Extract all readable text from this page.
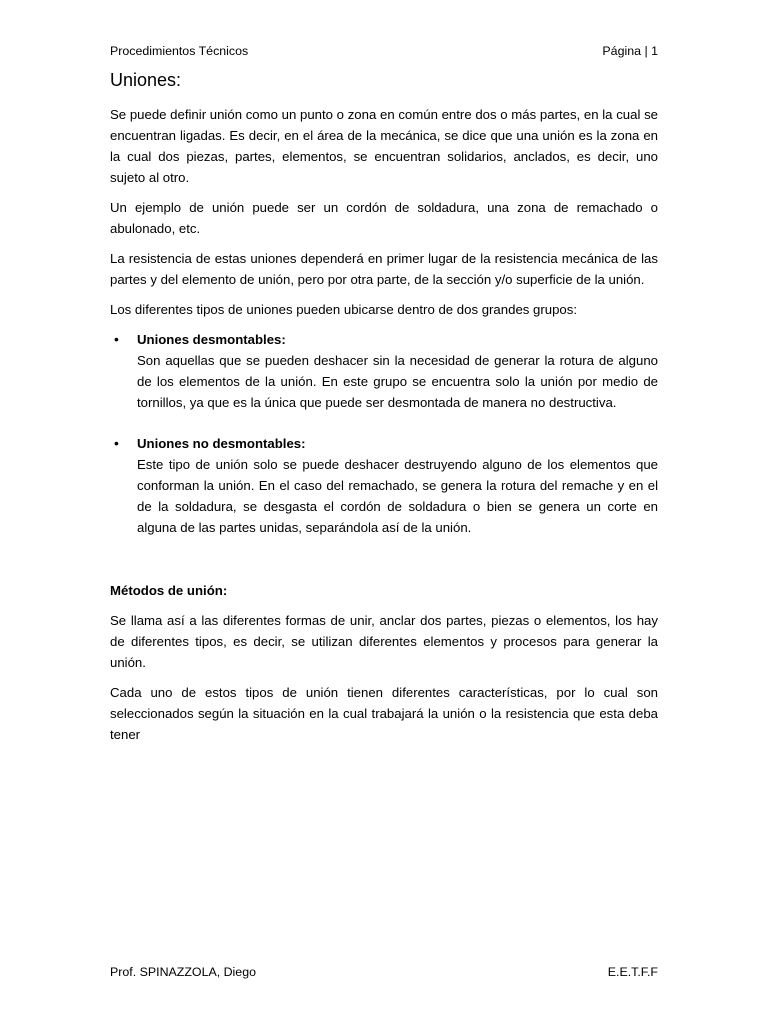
Procedimientos Técnicos	Página | 1
Uniones:

Se puede definir unión como un punto o zona en común entre dos o más partes, en la cual se encuentran ligadas. Es decir, en el área de la mecánica, se dice que una unión es la zona en la cual dos piezas, partes, elementos, se encuentran solidarios, anclados, es decir, uno sujeto al otro.

Un ejemplo de unión puede ser un cordón de soldadura, una zona de remachado o abulonado, etc.

La resistencia de estas uniones dependerá en primer lugar de la resistencia mecánica de las partes y del elemento de unión, pero por otra parte, de la sección y/o superficie de la unión.

Los diferentes tipos de uniones pueden ubicarse dentro de dos grandes grupos:

• Uniones desmontables:
Son aquellas que se pueden deshacer sin la necesidad de generar la rotura de alguno de los elementos de la unión. En este grupo se encuentra solo la unión por medio de tornillos, ya que es la única que puede ser desmontada de manera no destructiva.
• Uniones no desmontables:
Este tipo de unión solo se puede deshacer destruyendo alguno de los elementos que conforman la unión. En el caso del remachado, se genera la rotura del remache y en el de la soldadura, se desgasta el cordón de soldadura o bien se genera un corte en alguna de las partes unidas, separándola así de la unión.
Métodos de unión:

Se llama así a las diferentes formas de unir, anclar dos partes, piezas o elementos, los hay de diferentes tipos, es decir, se utilizan diferentes elementos y procesos para generar la unión.

Cada uno de estos tipos de unión tienen diferentes características, por lo cual son seleccionados según la situación en la cual trabajará la unión o la resistencia que esta deba tener

Prof. SPINAZZOLA, Diego	E.E.T.F.F
